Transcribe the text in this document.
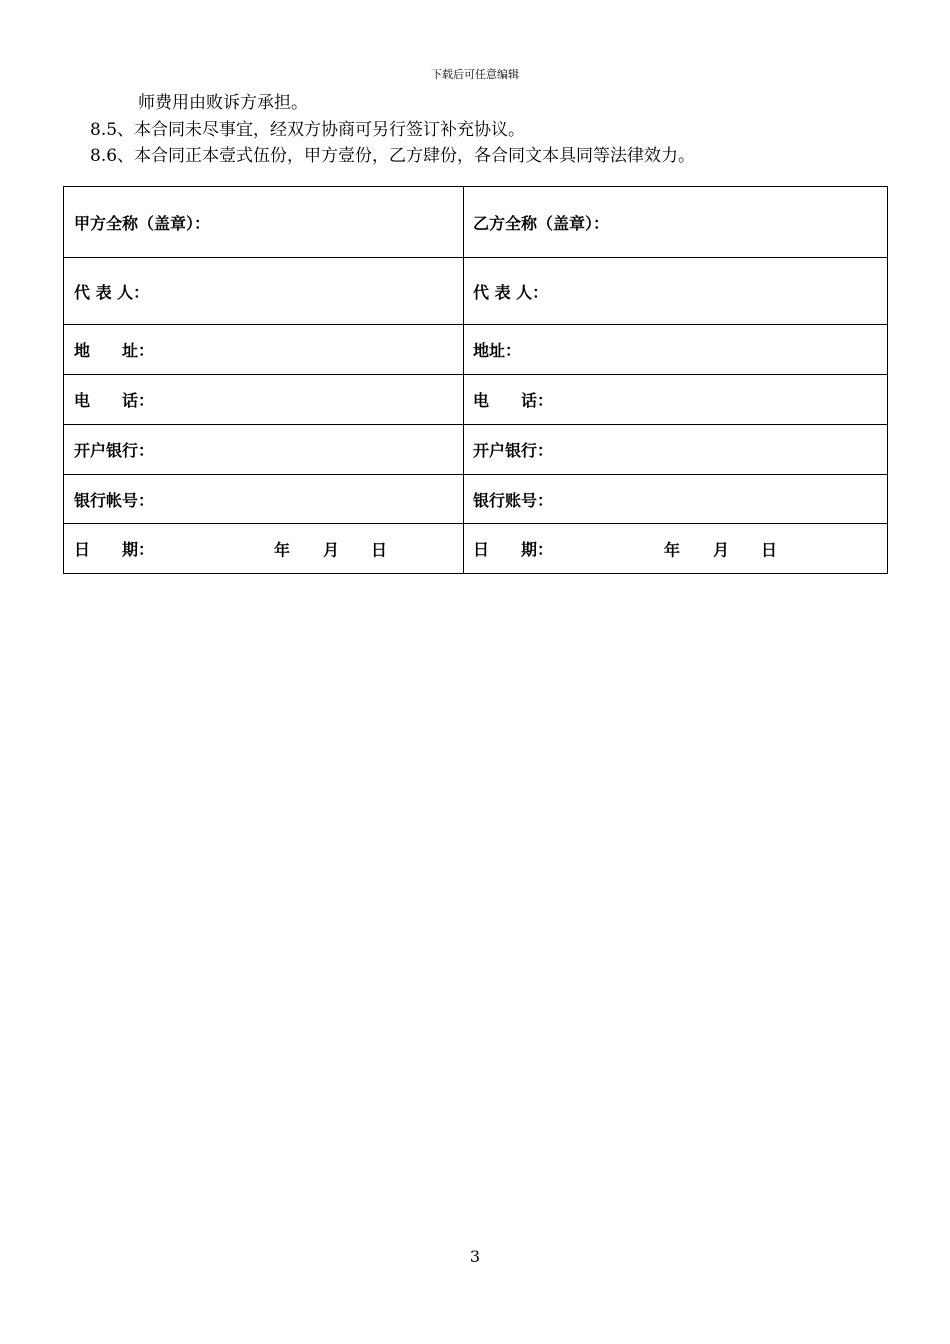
下载后可任意编辑
师费用由败诉方承担。
8.5、本合同未尽事宜，经双方协商可另行签订补充协议。
8.6、本合同正本壹式伍份，甲方壹份，乙方肆份，各合同文本具同等法律效力。
甲方全称（盖章）：	乙方全称（盖章）：
代 表 人：	代 表 人：
地　　址：	地址：
电　　话：	电　　话：
开户银行：	开户银行：
银行帐号：	银行账号：
日　　期： 年 月 日	日　　期： 年 月 日
3
